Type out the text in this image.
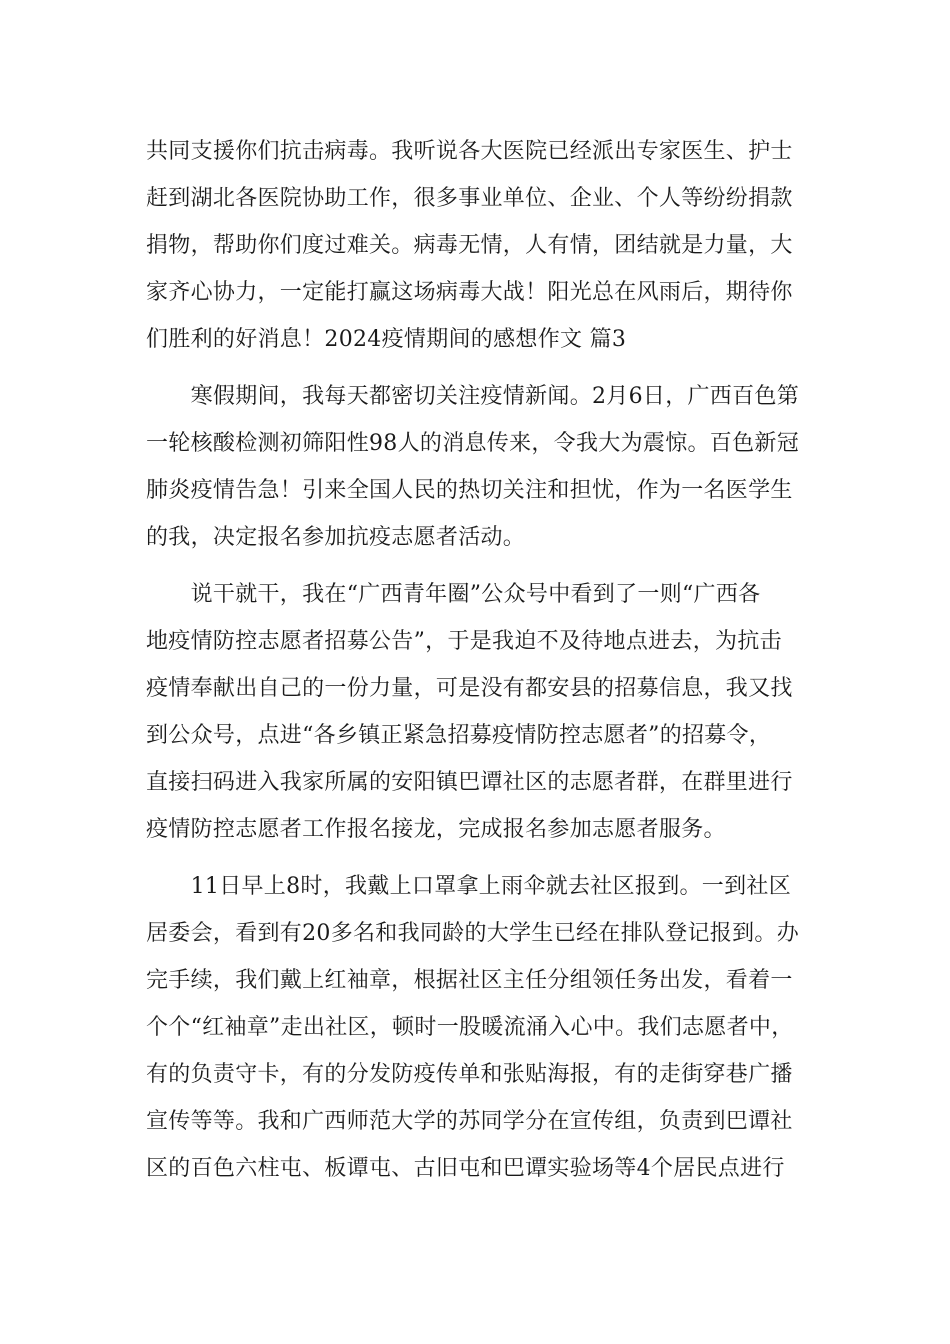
共同支援你们抗击病毒。我听说各大医院已经派出专家医生、护士
赶到湖北各医院协助工作，很多事业单位、企业、个人等纷纷捐款
捐物，帮助你们度过难关。病毒无情，人有情，团结就是力量，大
家齐心协力，一定能打赢这场病毒大战！阳光总在风雨后，期待你
们胜利的好消息！2024疫情期间的感想作文 篇3
　　寒假期间，我每天都密切关注疫情新闻。2月6日，广西百色第
一轮核酸检测初筛阳性98人的消息传来，令我大为震惊。百色新冠
肺炎疫情告急！引来全国人民的热切关注和担忧，作为一名医学生
的我，决定报名参加抗疫志愿者活动。
　　说干就干，我在“广西青年圈”公众号中看到了一则“广西各
地疫情防控志愿者招募公告”，于是我迫不及待地点进去，为抗击
疫情奉献出自己的一份力量，可是没有都安县的招募信息，我又找
到公众号，点进“各乡镇正紧急招募疫情防控志愿者”的招募令，
直接扫码进入我家所属的安阳镇巴谭社区的志愿者群，在群里进行
疫情防控志愿者工作报名接龙，完成报名参加志愿者服务。
　　11日早上8时，我戴上口罩拿上雨伞就去社区报到。一到社区
居委会，看到有20多名和我同龄的大学生已经在排队登记报到。办
完手续，我们戴上红袖章，根据社区主任分组领任务出发，看着一
个个“红袖章”走出社区，顿时一股暖流涌入心中。我们志愿者中，
有的负责守卡，有的分发防疫传单和张贴海报，有的走街穿巷广播
宣传等等。我和广西师范大学的苏同学分在宣传组，负责到巴谭社
区的百色六柱屯、板谭屯、古旧屯和巴谭实验场等4个居民点进行
